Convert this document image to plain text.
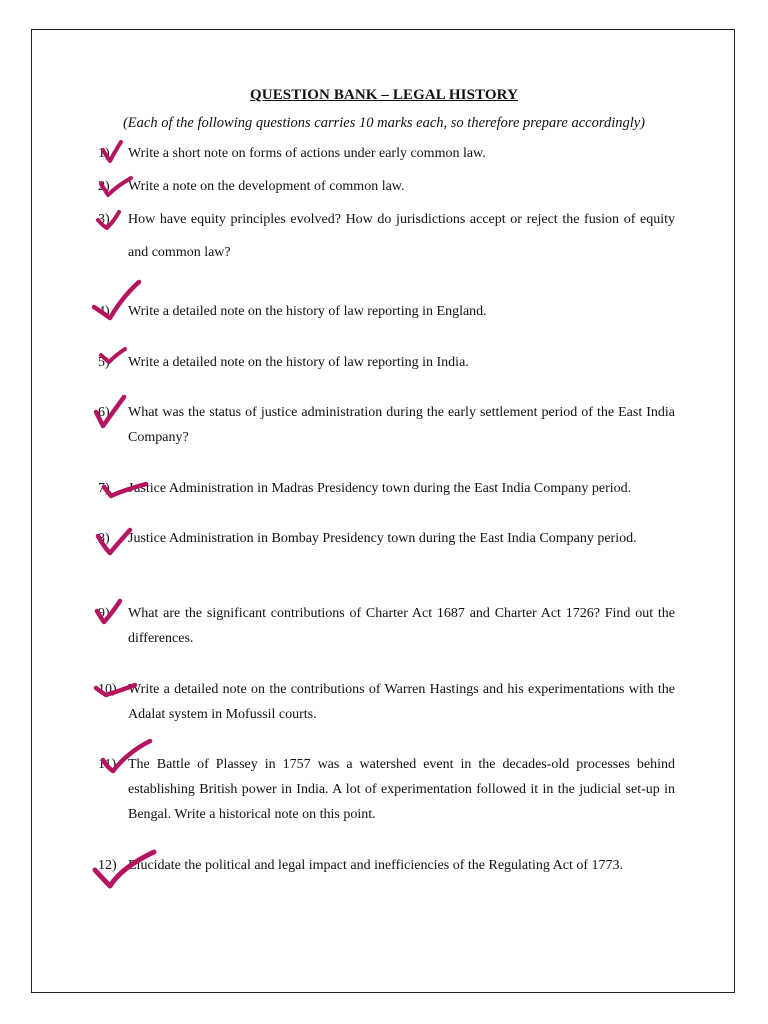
QUESTION BANK – LEGAL HISTORY
(Each of the following questions carries 10 marks each, so therefore prepare accordingly)
1)	Write a short note on forms of actions under early common law.
2)	Write a note on the development of common law.
3)	How have equity principles evolved? How do jurisdictions accept or reject the fusion of equity and common law?
4)	Write a detailed note on the history of law reporting in England.
5)	Write a detailed note on the history of law reporting in India.
6)	What was the status of justice administration during the early settlement period of the East India Company?
7)	Justice Administration in Madras Presidency town during the East India Company period.
8)	Justice Administration in Bombay Presidency town during the East India Company period.
9)	What are the significant contributions of Charter Act 1687 and Charter Act 1726? Find out the differences.
10) Write a detailed note on the contributions of Warren Hastings and his experimentations with the Adalat system in Mofussil courts.
11) The Battle of Plassey in 1757 was a watershed event in the decades-old processes behind establishing British power in India. A lot of experimentation followed it in the judicial set-up in Bengal. Write a historical note on this point.
12) Elucidate the political and legal impact and inefficiencies of the Regulating Act of 1773.
